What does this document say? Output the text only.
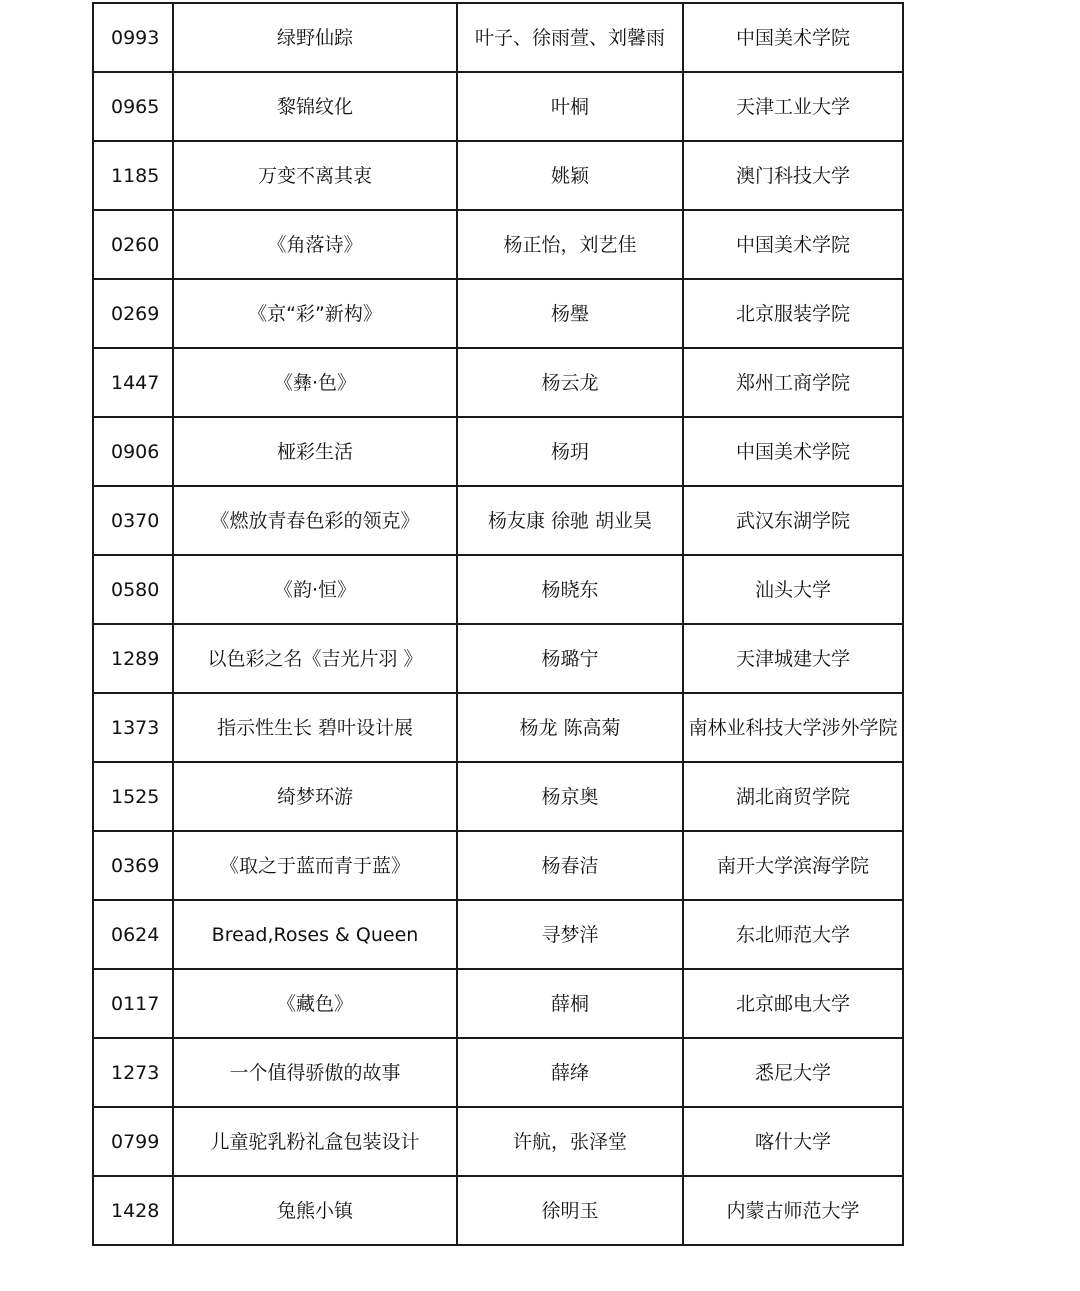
0993	绿野仙踪	叶子、徐雨萱、刘馨雨	中国美术学院
0965	黎锦纹化	叶桐	天津工业大学
1185	万变不离其衷	姚颖	澳门科技大学
0260	《角落诗》	杨正怡，刘艺佳	中国美术学院
0269	《京“彩”新构》	杨璺	北京服装学院
1447	《彝·色》	杨云龙	郑州工商学院
0906	桠彩生活	杨玥	中国美术学院
0370	《燃放青春色彩的领克》	杨友康 徐驰 胡业昊	武汉东湖学院
0580	《韵·恒》	杨晓东	汕头大学
1289	以色彩之名《吉光片羽 》	杨璐宁	天津城建大学
1373	指示性生长 碧叶设计展	杨龙 陈高菊	南林业科技大学涉外学院
1525	绮梦环游	杨京奥	湖北商贸学院
0369	《取之于蓝而青于蓝》	杨春洁	南开大学滨海学院
0624	Bread,Roses & Queen	寻梦洋	东北师范大学
0117	《藏色》	薛桐	北京邮电大学
1273	一个值得骄傲的故事	薛绛	悉尼大学
0799	儿童驼乳粉礼盒包装设计	许航，张泽堂	喀什大学
1428	兔熊小镇	徐明玉	内蒙古师范大学
